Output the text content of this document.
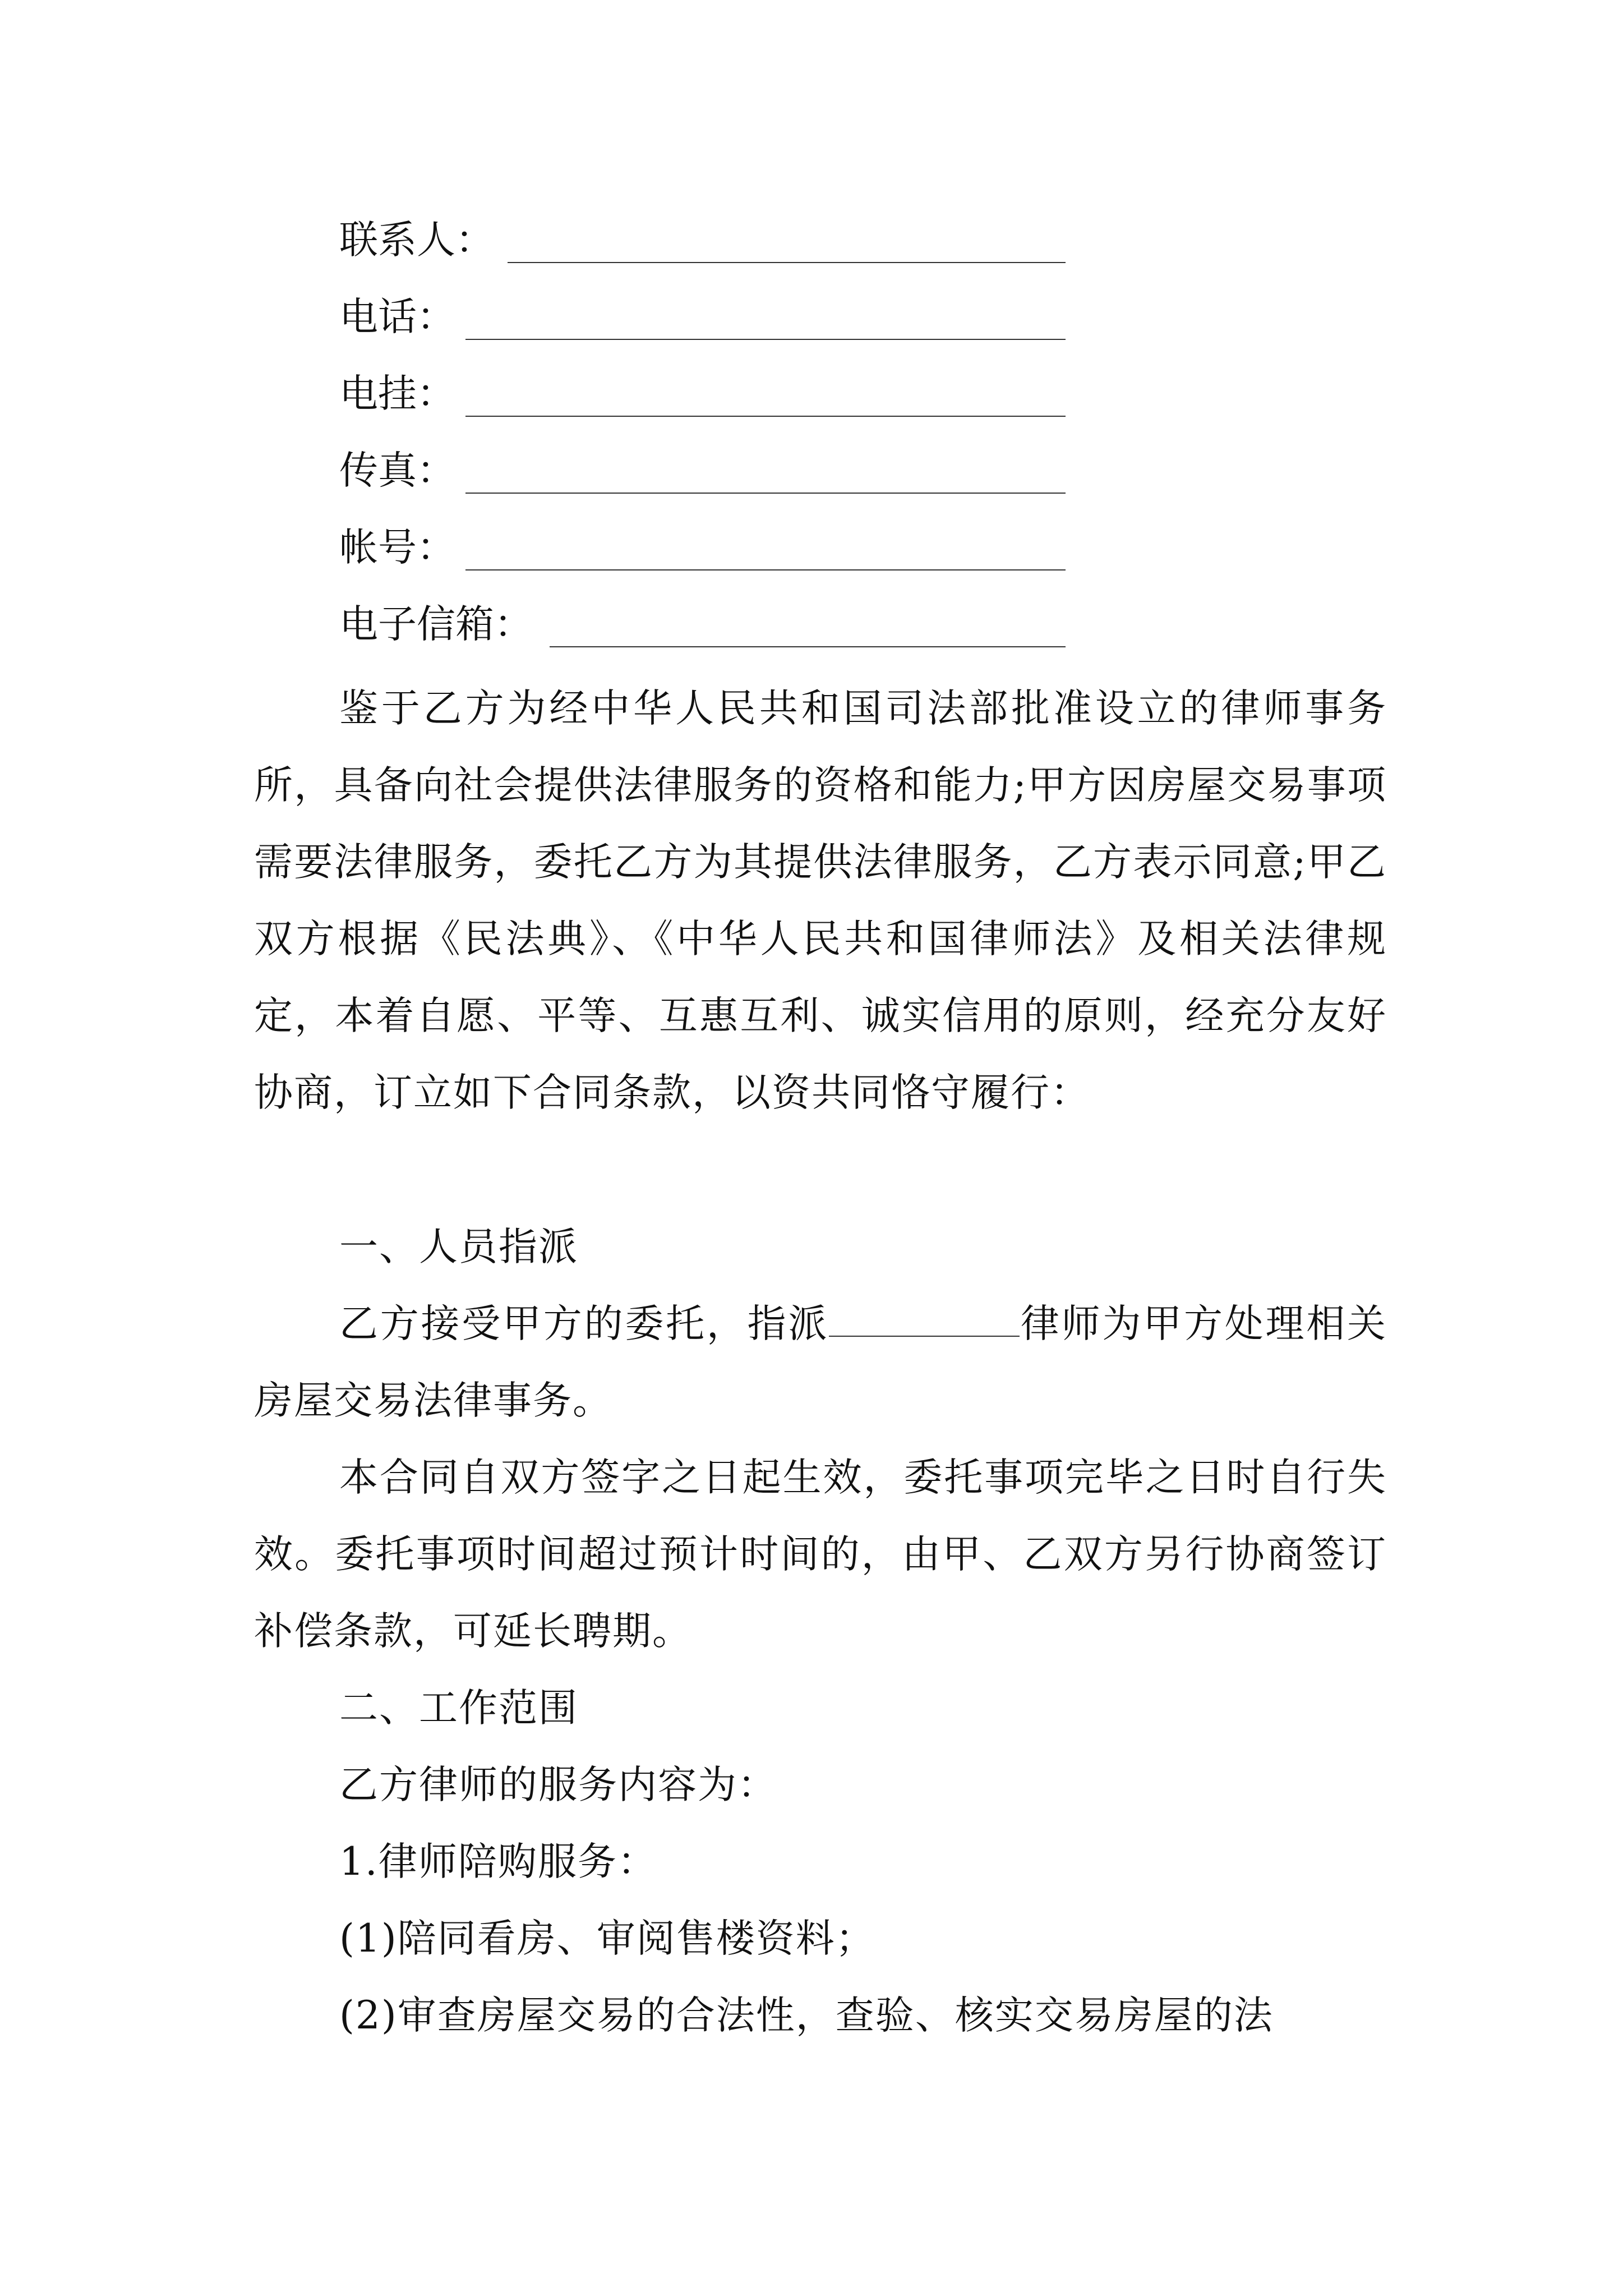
联系人：
电话：
电挂：
传真：
帐号：
电子信箱：

鉴于乙方为经中华人民共和国司法部批准设立的律师事务所，具备向社会提供法律服务的资格和能力;甲方因房屋交易事项需要法律服务，委托乙方为其提供法律服务，乙方表示同意;甲乙双方根据《民法典》、《中华人民共和国律师法》及相关法律规定，本着自愿、平等、互惠互利、诚实信用的原则，经充分友好协商，订立如下合同条款，以资共同恪守履行：

一、人员指派

乙方接受甲方的委托，指派	律师为甲方处理相关房屋交易法律事务。

本合同自双方签字之日起生效，委托事项完毕之日时自行失效。委托事项时间超过预计时间的，由甲、乙双方另行协商签订补偿条款，可延长聘期。

二、工作范围

乙方律师的服务内容为：

1.律师陪购服务：

(1)陪同看房、审阅售楼资料；

(2)审查房屋交易的合法性，查验、核实交易房屋的法
